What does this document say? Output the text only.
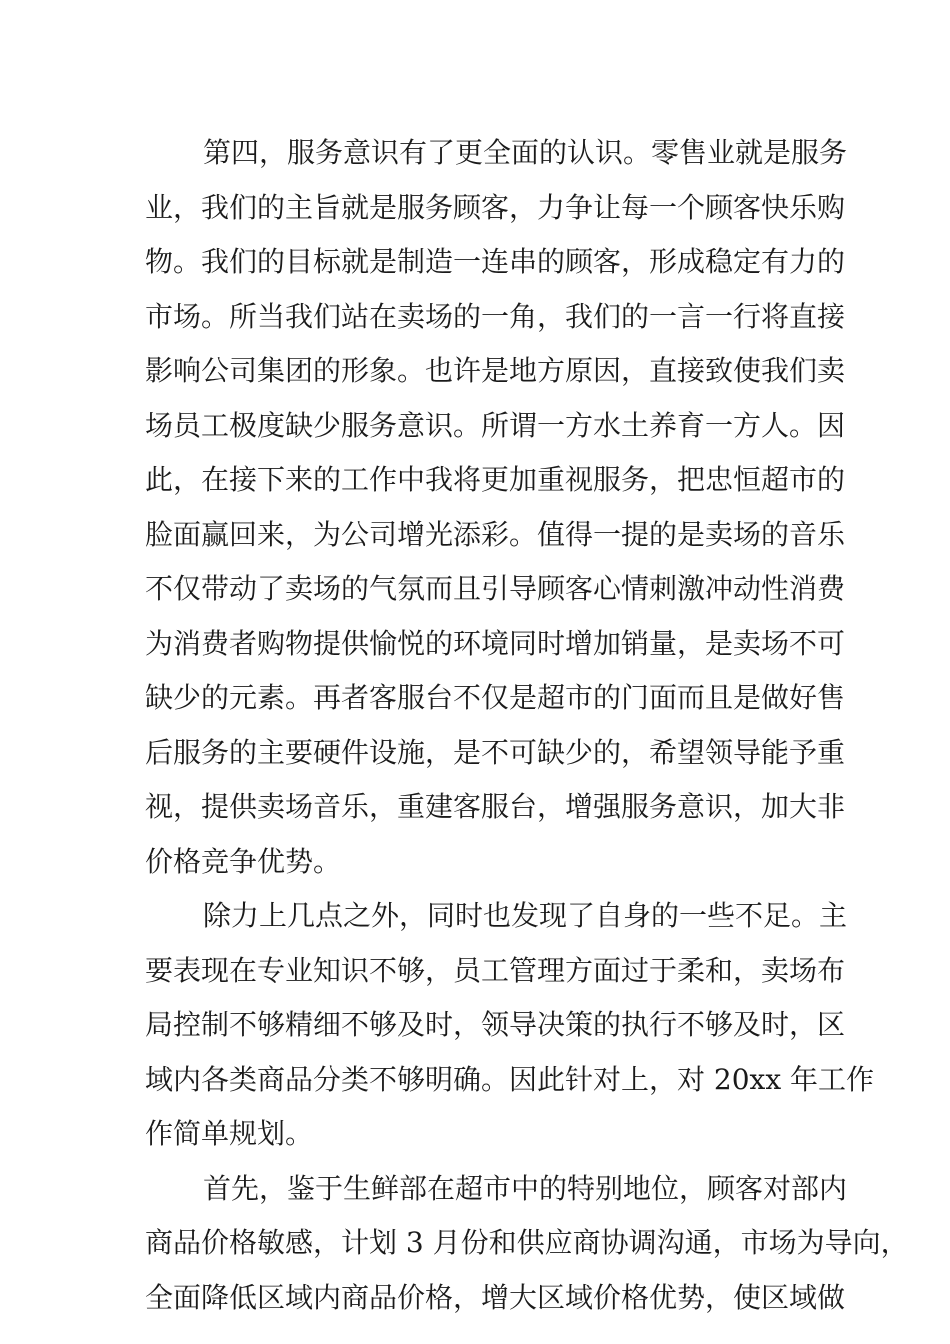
第四，服务意识有了更全面的认识。零售业就是服务
业，我们的主旨就是服务顾客，力争让每一个顾客快乐购
物。我们的目标就是制造一连串的顾客，形成稳定有力的
市场。所当我们站在卖场的一角，我们的一言一行将直接
影响公司集团的形象。也许是地方原因，直接致使我们卖
场员工极度缺少服务意识。所谓一方水土养育一方人。因
此，在接下来的工作中我将更加重视服务，把忠恒超市的
脸面赢回来，为公司增光添彩。值得一提的是卖场的音乐
不仅带动了卖场的气氛而且引导顾客心情刺激冲动性消费
为消费者购物提供愉悦的环境同时增加销量，是卖场不可
缺少的元素。再者客服台不仅是超市的门面而且是做好售
后服务的主要硬件设施，是不可缺少的，希望领导能予重
视，提供卖场音乐，重建客服台，增强服务意识，加大非
价格竞争优势。
除力上几点之外，同时也发现了自身的一些不足。主
要表现在专业知识不够，员工管理方面过于柔和，卖场布
局控制不够精细不够及时，领导决策的执行不够及时，区
域内各类商品分类不够明确。因此针对上，对 20xx 年工作
作简单规划。
首先，鉴于生鲜部在超市中的特别地位，顾客对部内
商品价格敏感，计划 3 月份和供应商协调沟通，市场为导向，
全面降低区域内商品价格，增大区域价格优势，使区域做
